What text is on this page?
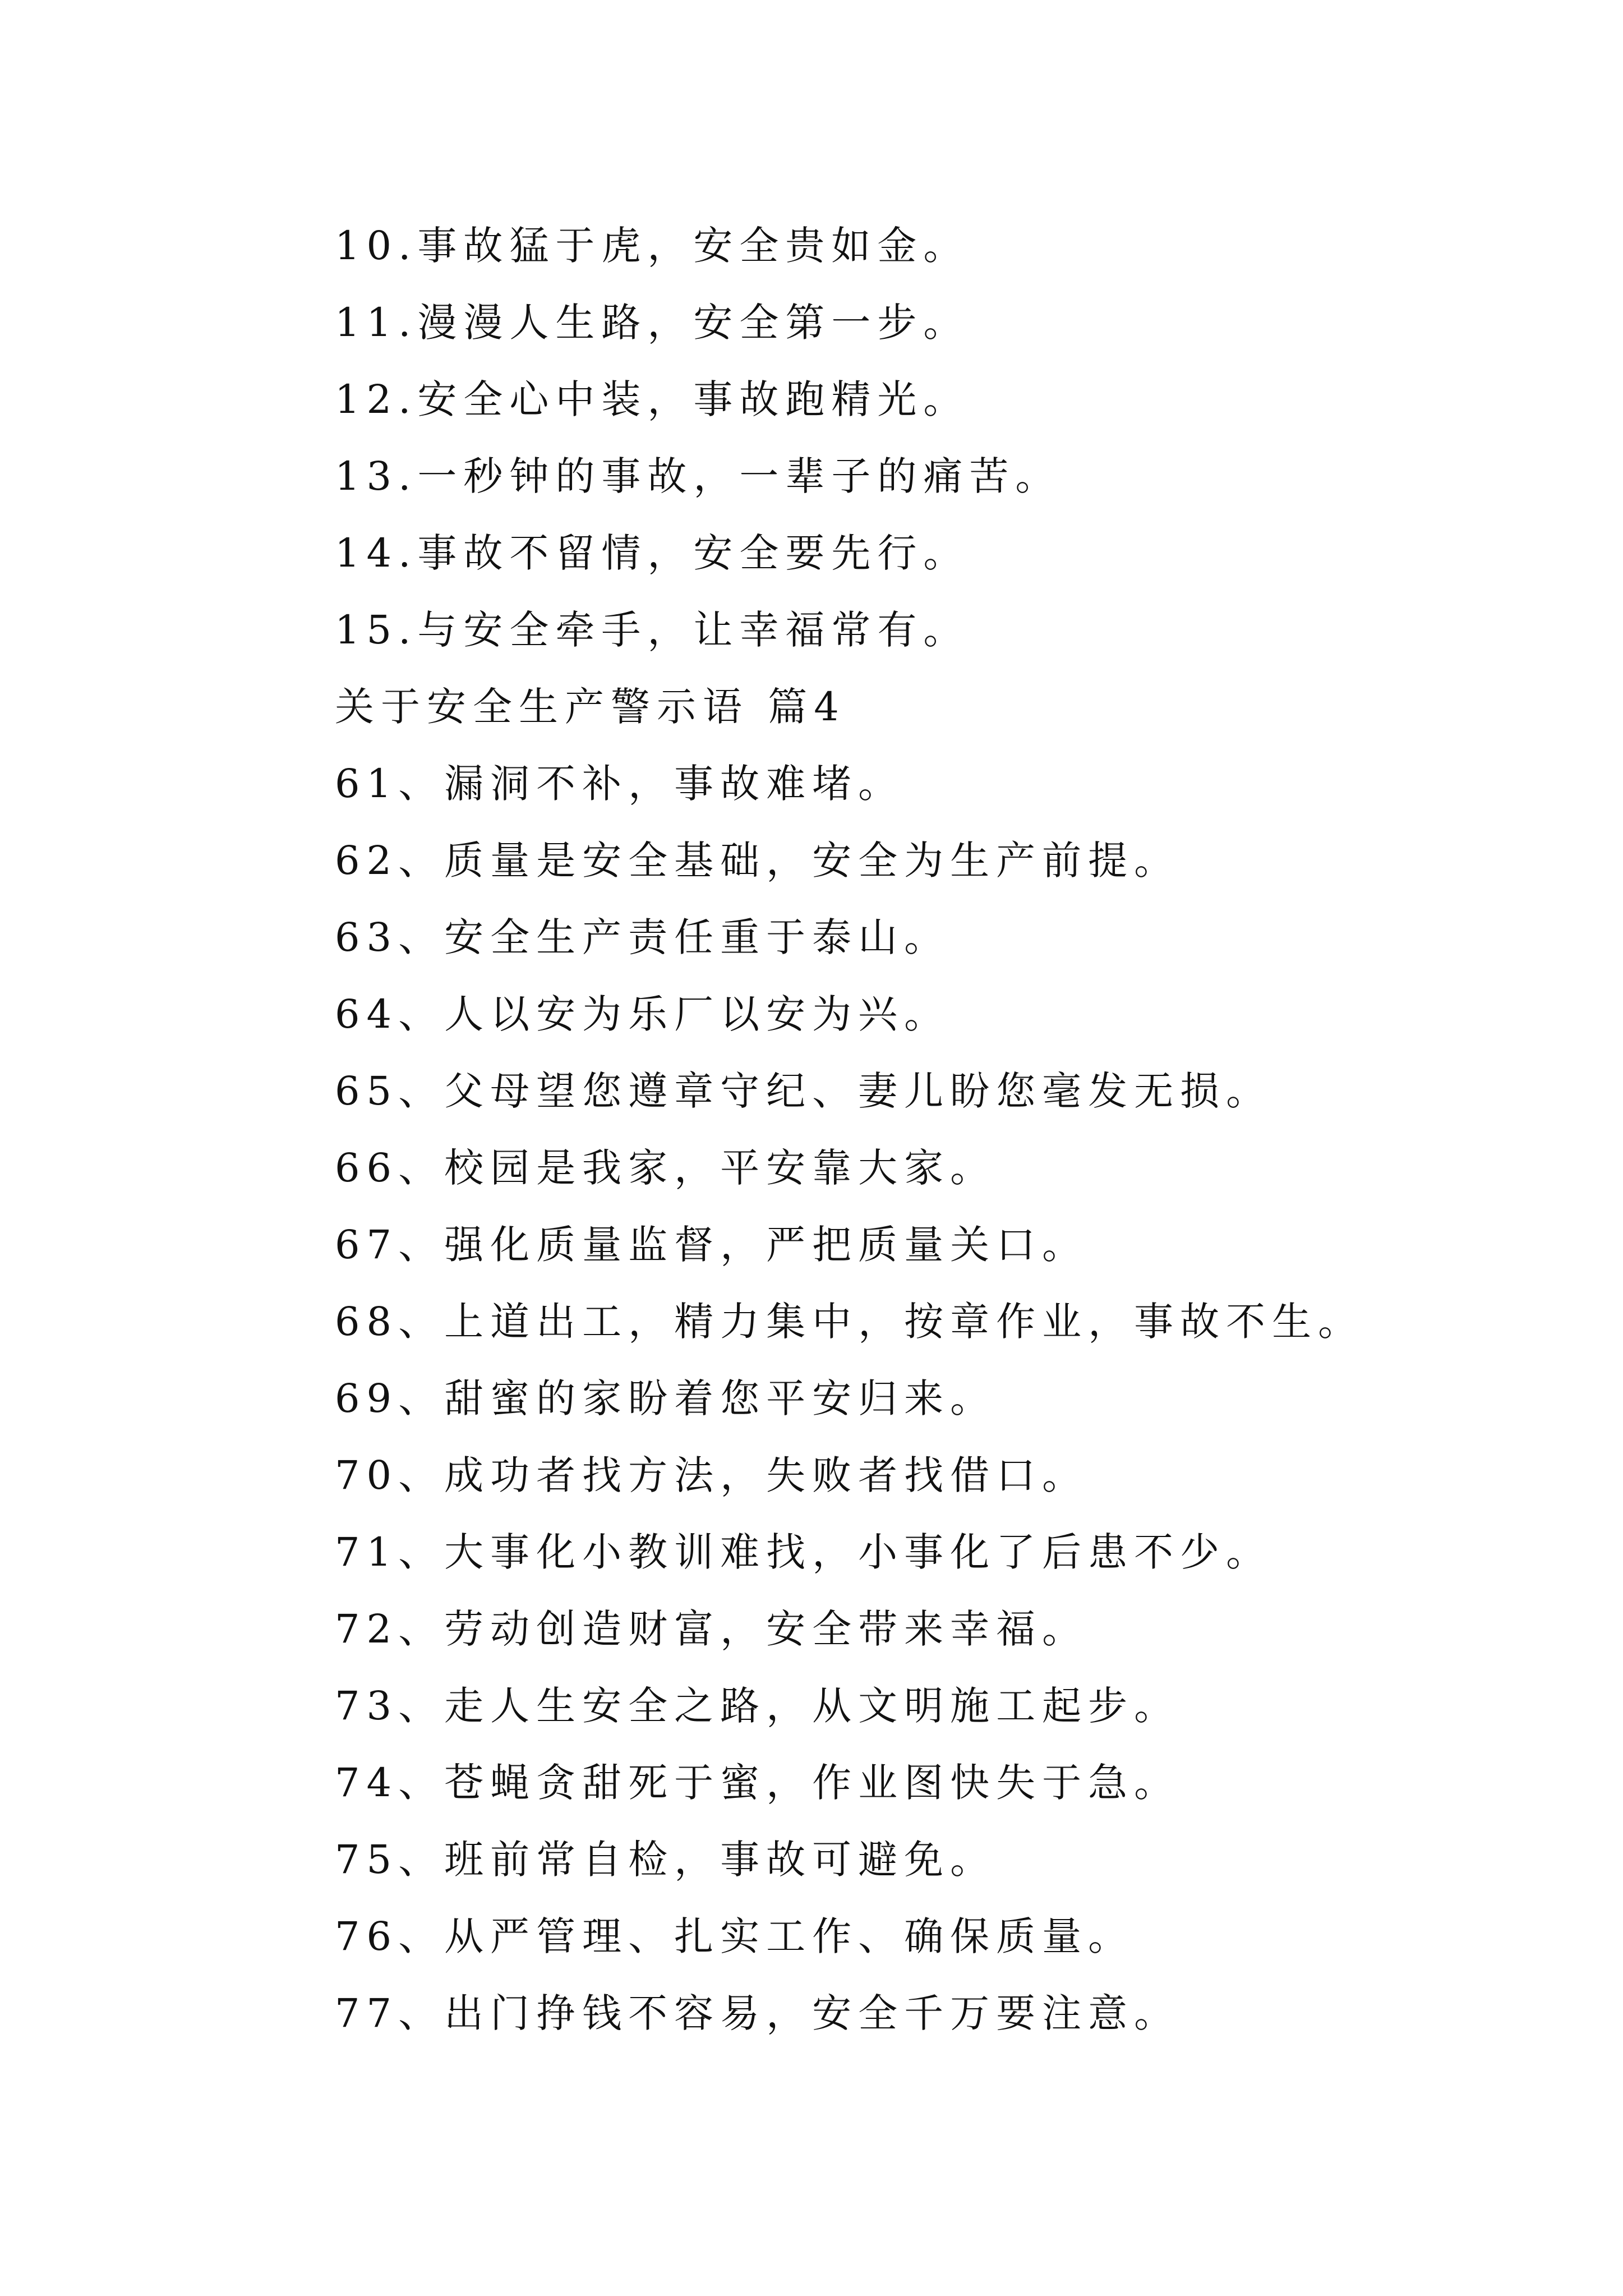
10.事故猛于虎，安全贵如金。
11.漫漫人生路，安全第一步。
12.安全心中装，事故跑精光。
13.一秒钟的事故，一辈子的痛苦。
14.事故不留情，安全要先行。
15.与安全牵手，让幸福常有。
关于安全生产警示语 篇4
61、漏洞不补，事故难堵。
62、质量是安全基础，安全为生产前提。
63、安全生产责任重于泰山。
64、人以安为乐厂以安为兴。
65、父母望您遵章守纪、妻儿盼您毫发无损。
66、校园是我家，平安靠大家。
67、强化质量监督，严把质量关口。
68、上道出工，精力集中，按章作业，事故不生。
69、甜蜜的家盼着您平安归来。
70、成功者找方法，失败者找借口。
71、大事化小教训难找，小事化了后患不少。
72、劳动创造财富，安全带来幸福。
73、走人生安全之路，从文明施工起步。
74、苍蝇贪甜死于蜜，作业图快失于急。
75、班前常自检，事故可避免。
76、从严管理、扎实工作、确保质量。
77、出门挣钱不容易，安全千万要注意。
